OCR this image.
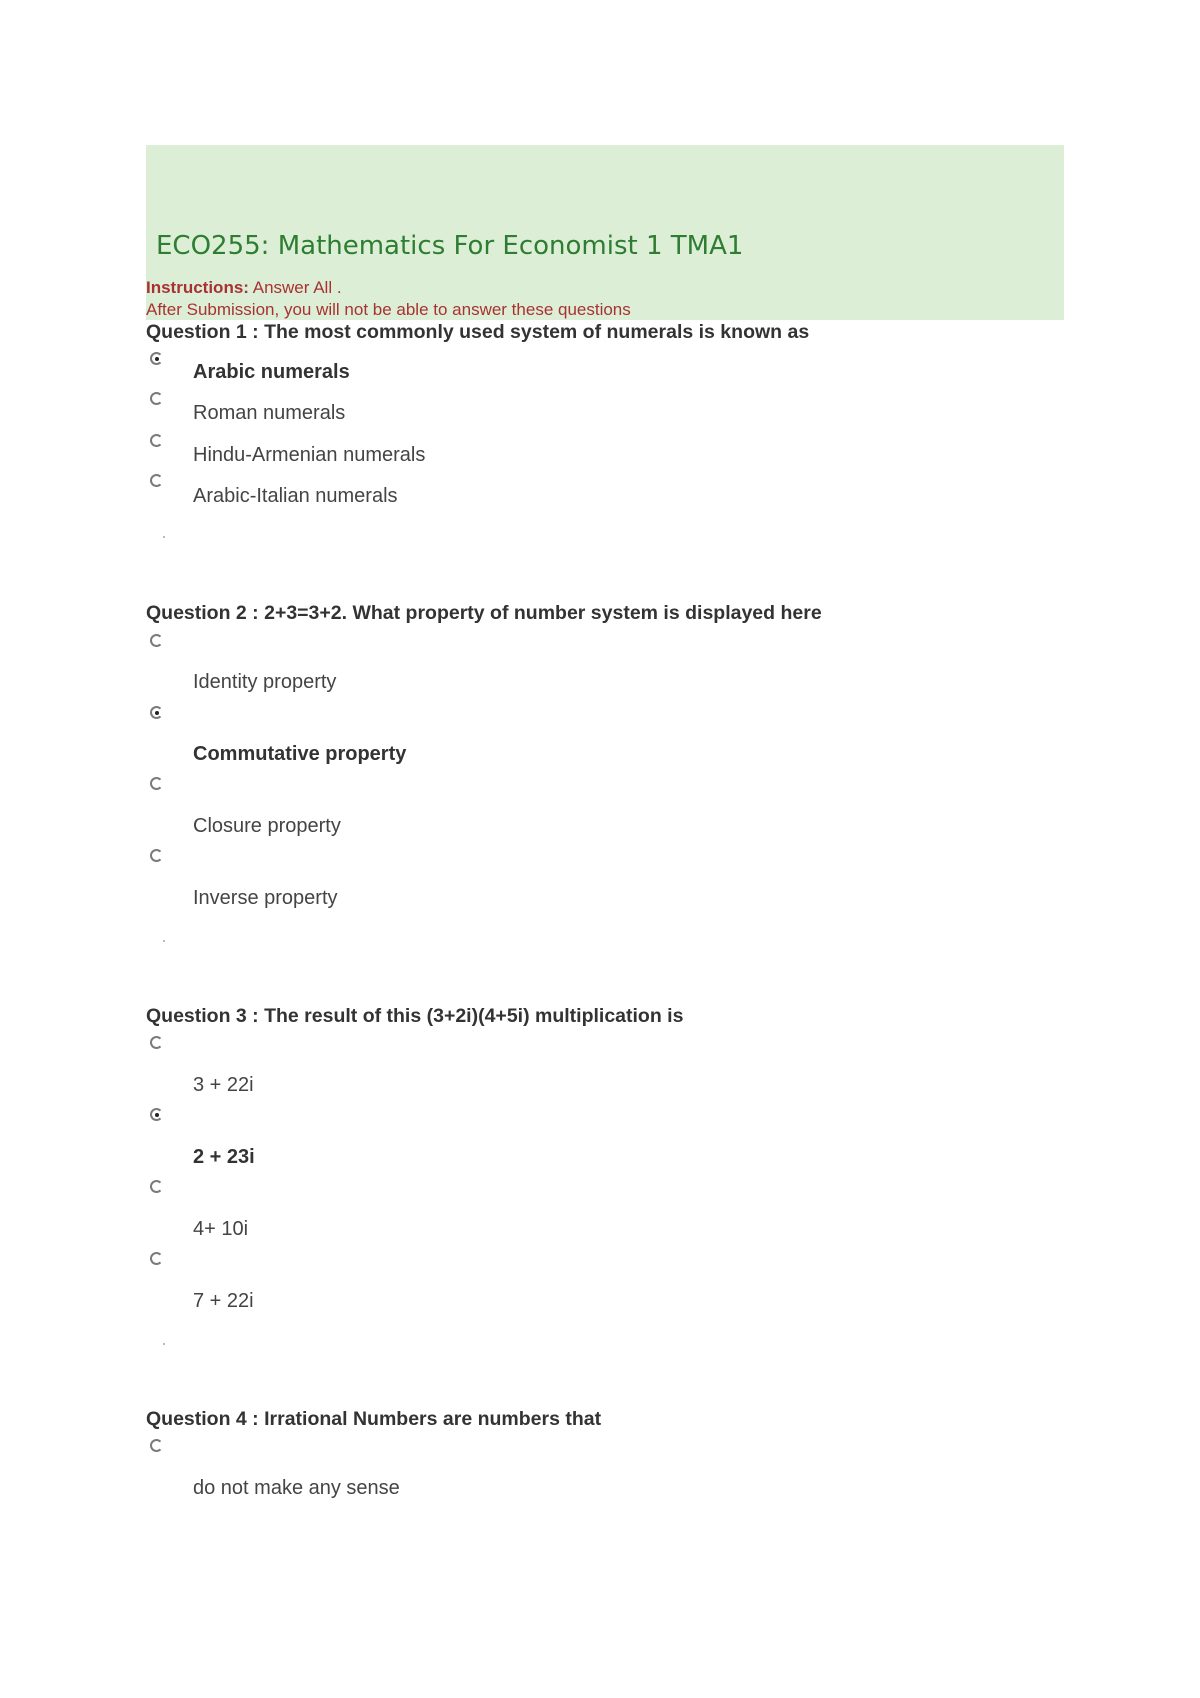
ECO255: Mathematics For Economist 1 TMA1

Instructions: Answer All .

After Submission, you will not be able to answer these questions

Question 1 : The most commonly used system of numerals is known as

Arabic numerals
Roman numerals
Hindu-Armenian numerals
Arabic-Italian numerals

Question 2 : 2+3=3+2. What property of number system is displayed here

Identity property
Commutative property
Closure property
Inverse property

Question 3 : The result of this (3+2i)(4+5i) multiplication is

3 + 22i
2 + 23i
4+ 10i
7 + 22i

Question 4 : Irrational Numbers are numbers that

do not make any sense
